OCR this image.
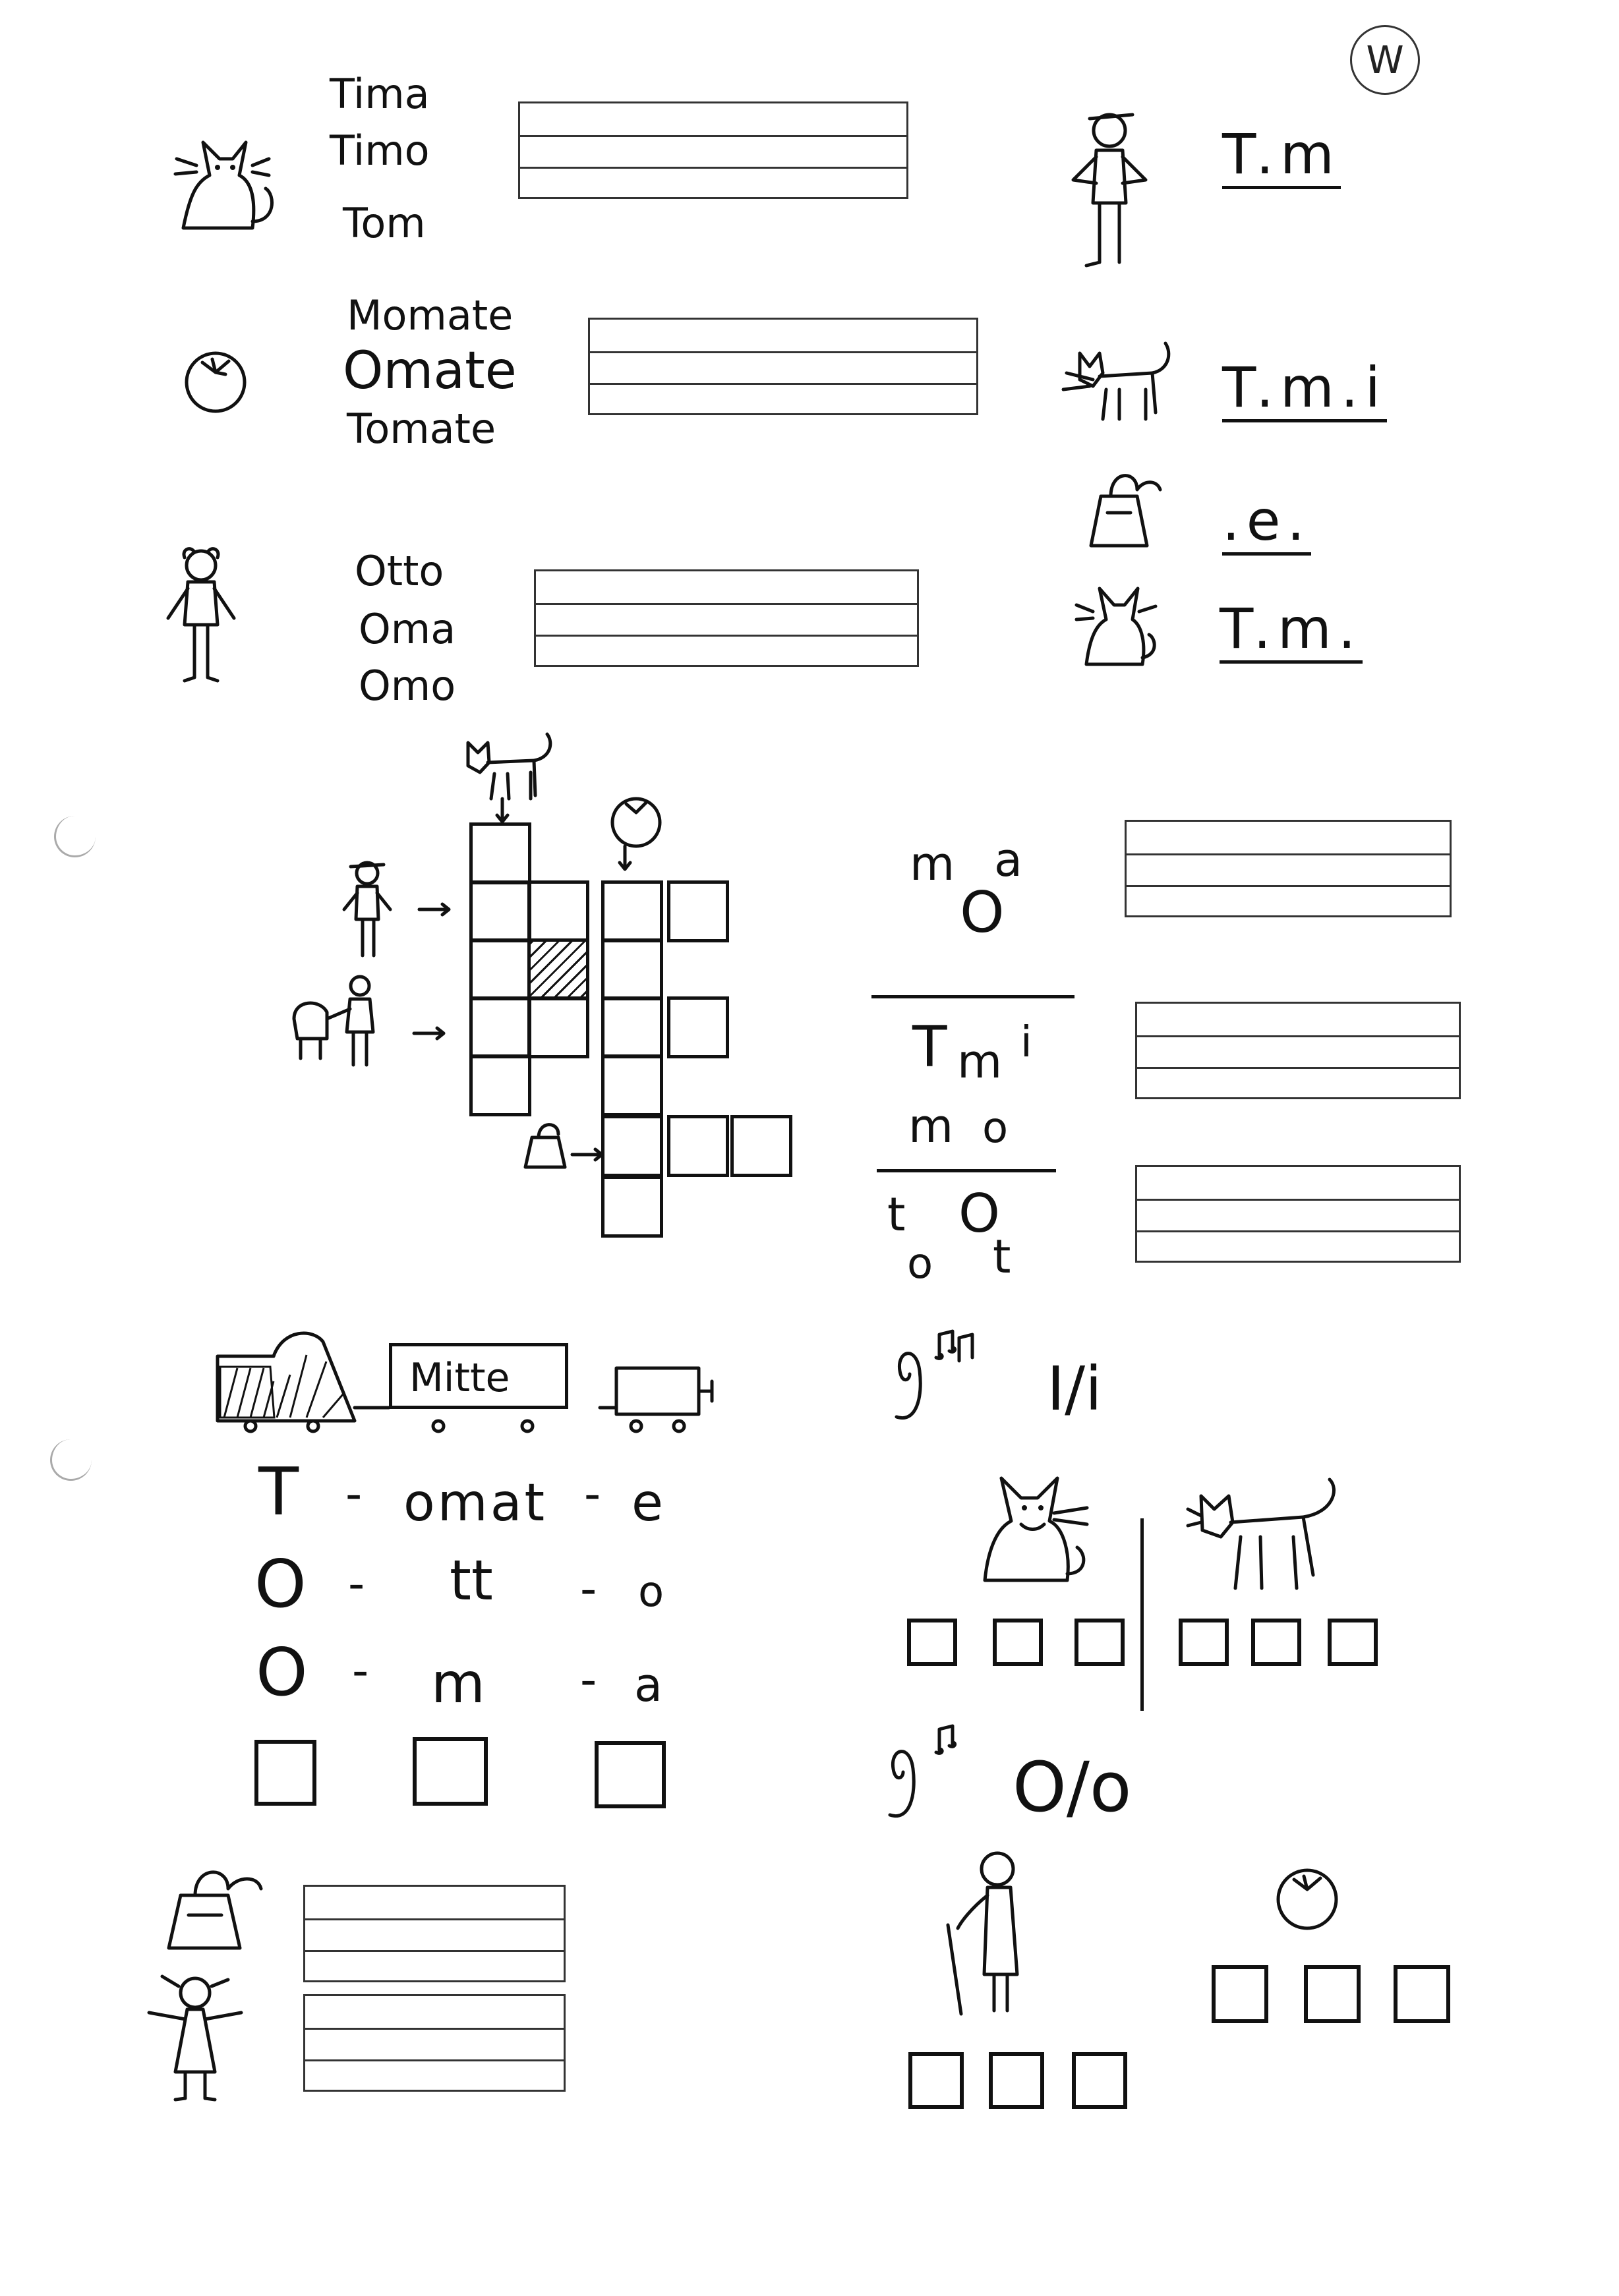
W
Tima
Timo
Tom
Momate
Omate
Tomate
Otto
Oma
Omo
T.m
T.m.i
.e.
T.m.
m a
O
T m i
m o
t O
o t
Mitte
T - omat - e
O - tt - o
O - m - a
I/i
O/o
